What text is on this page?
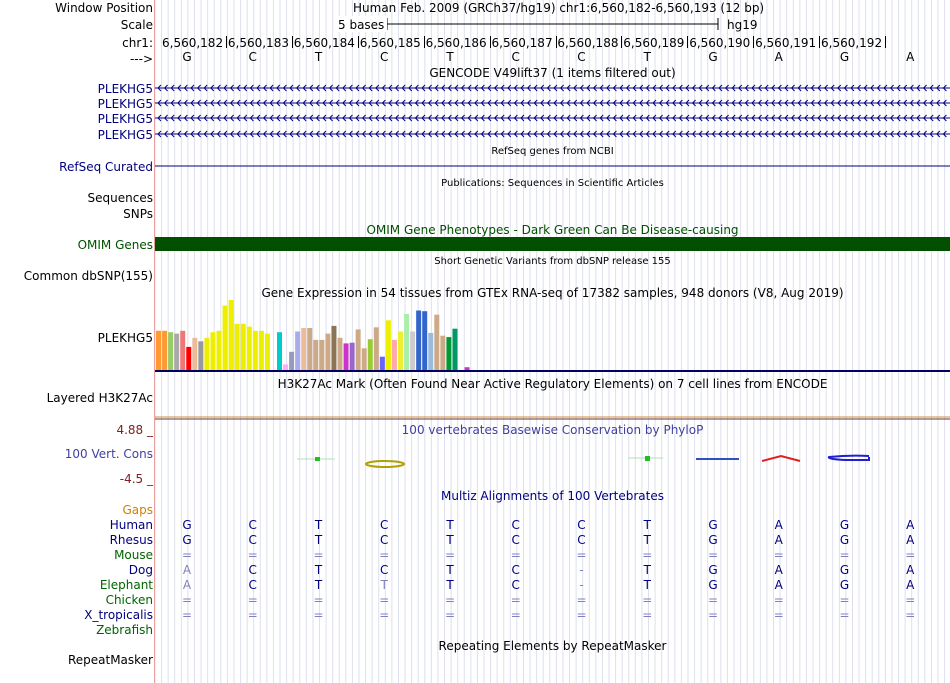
Window Position	Human Feb. 2009 (GRCh37/hg19) chr1:6,560,182-6,560,193 (12 bp)
Scale	5 bases	hg19
chr1: 6,560,182 6,560,183 6,560,184 6,560,185 6,560,186 6,560,187 6,560,188 6,560,189 6,560,190 6,560,191 6,560,192
---> G	C	T	C	T	C	C	T	G	A	G	A
GENCODE V49lift37 (1 items filtered out)
PLEKHG5
PLEKHG5
PLEKHG5
PLEKHG5
RefSeq genes from NCBI
RefSeq Curated
Publications: Sequences in Scientific Articles
Sequences
SNPs
OMIM Gene Phenotypes - Dark Green Can Be Disease-causing
OMIM Genes
Short Genetic Variants from dbSNP release 155
Common dbSNP(155)
Gene Expression in 54 tissues from GTEx RNA-seq of 17382 samples, 948 donors (V8, Aug 2019)
PLEKHG5
H3K27Ac Mark (Often Found Near Active Regulatory Elements) on 7 cell lines from ENCODE
Layered H3K27Ac
4.88 _	100 vertebrates Basewise Conservation by PhyloP
100 Vert. Cons
-4.5 _
Multiz Alignments of 100 Vertebrates
Gaps
Human G	C	T	C	T	C	C	T	G	A	G	A
Rhesus G	C	T	C	T	C	C	T	G	A	G	A
Mouse =	=	=	=	=	=	=	=	=	=	=	=
Dog A	C	T	C	T	C	-	T	G	A	G	A
Elephant A	C	T	T	T	C	-	T	G	A	G	A
Chicken =	=	=	=	=	=	=	=	=	=	=	=
X_tropicalis =	=	=	=	=	=	=	=	=	=	=	=
Zebrafish
Repeating Elements by RepeatMasker
RepeatMasker
